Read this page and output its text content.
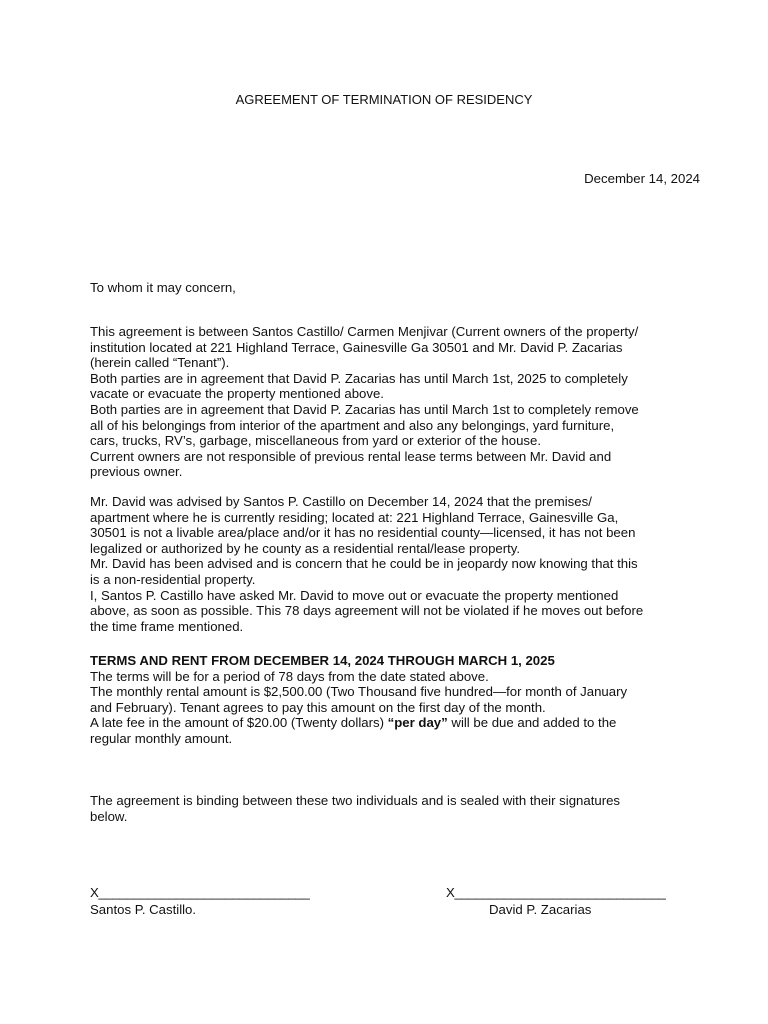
AGREEMENT OF TERMINATION OF RESIDENCY
December 14, 2024
To whom it may concern,
This agreement is between Santos Castillo/ Carmen Menjivar (Current owners of the property/
institution located at 221 Highland Terrace, Gainesville Ga 30501 and Mr. David P. Zacarias
(herein called “Tenant”).
Both parties are in agreement that David P. Zacarias has until March 1st, 2025 to completely
vacate or evacuate the property mentioned above.
Both parties are in agreement that David P. Zacarias has until March 1st to completely remove
all of his belongings from interior of the apartment and also any belongings, yard furniture,
cars, trucks, RV’s, garbage, miscellaneous from yard or exterior of the house.
Current owners are not responsible of previous rental lease terms between Mr. David and
previous owner.
Mr. David was advised by Santos P. Castillo on December 14, 2024 that the premises/
apartment where he is currently residing; located at: 221 Highland Terrace, Gainesville Ga,
30501 is not a livable area/place and/or it has no residential county—licensed, it has not been
legalized or authorized by he county as a residential rental/lease property.
Mr. David has been advised and is concern that he could be in jeopardy now knowing that this
is a non-residential property.
I, Santos P. Castillo have asked Mr. David to move out or evacuate the property mentioned
above, as soon as possible. This 78 days agreement will not be violated if he moves out before
the time frame mentioned.
TERMS AND RENT FROM DECEMBER 14, 2024 THROUGH MARCH 1, 2025
The terms will be for a period of 78 days from the date stated above.
The monthly rental amount is $2,500.00 (Two Thousand five hundred—for month of January
and February). Tenant agrees to pay this amount on the first day of the month.
A late fee in the amount of $20.00 (Twenty dollars) “per day” will be due and added to the
regular monthly amount.
The agreement is binding between these two individuals and is sealed with their signatures
below.
X______________________________	X______________________________
Santos P. Castillo.	David P. Zacarias
